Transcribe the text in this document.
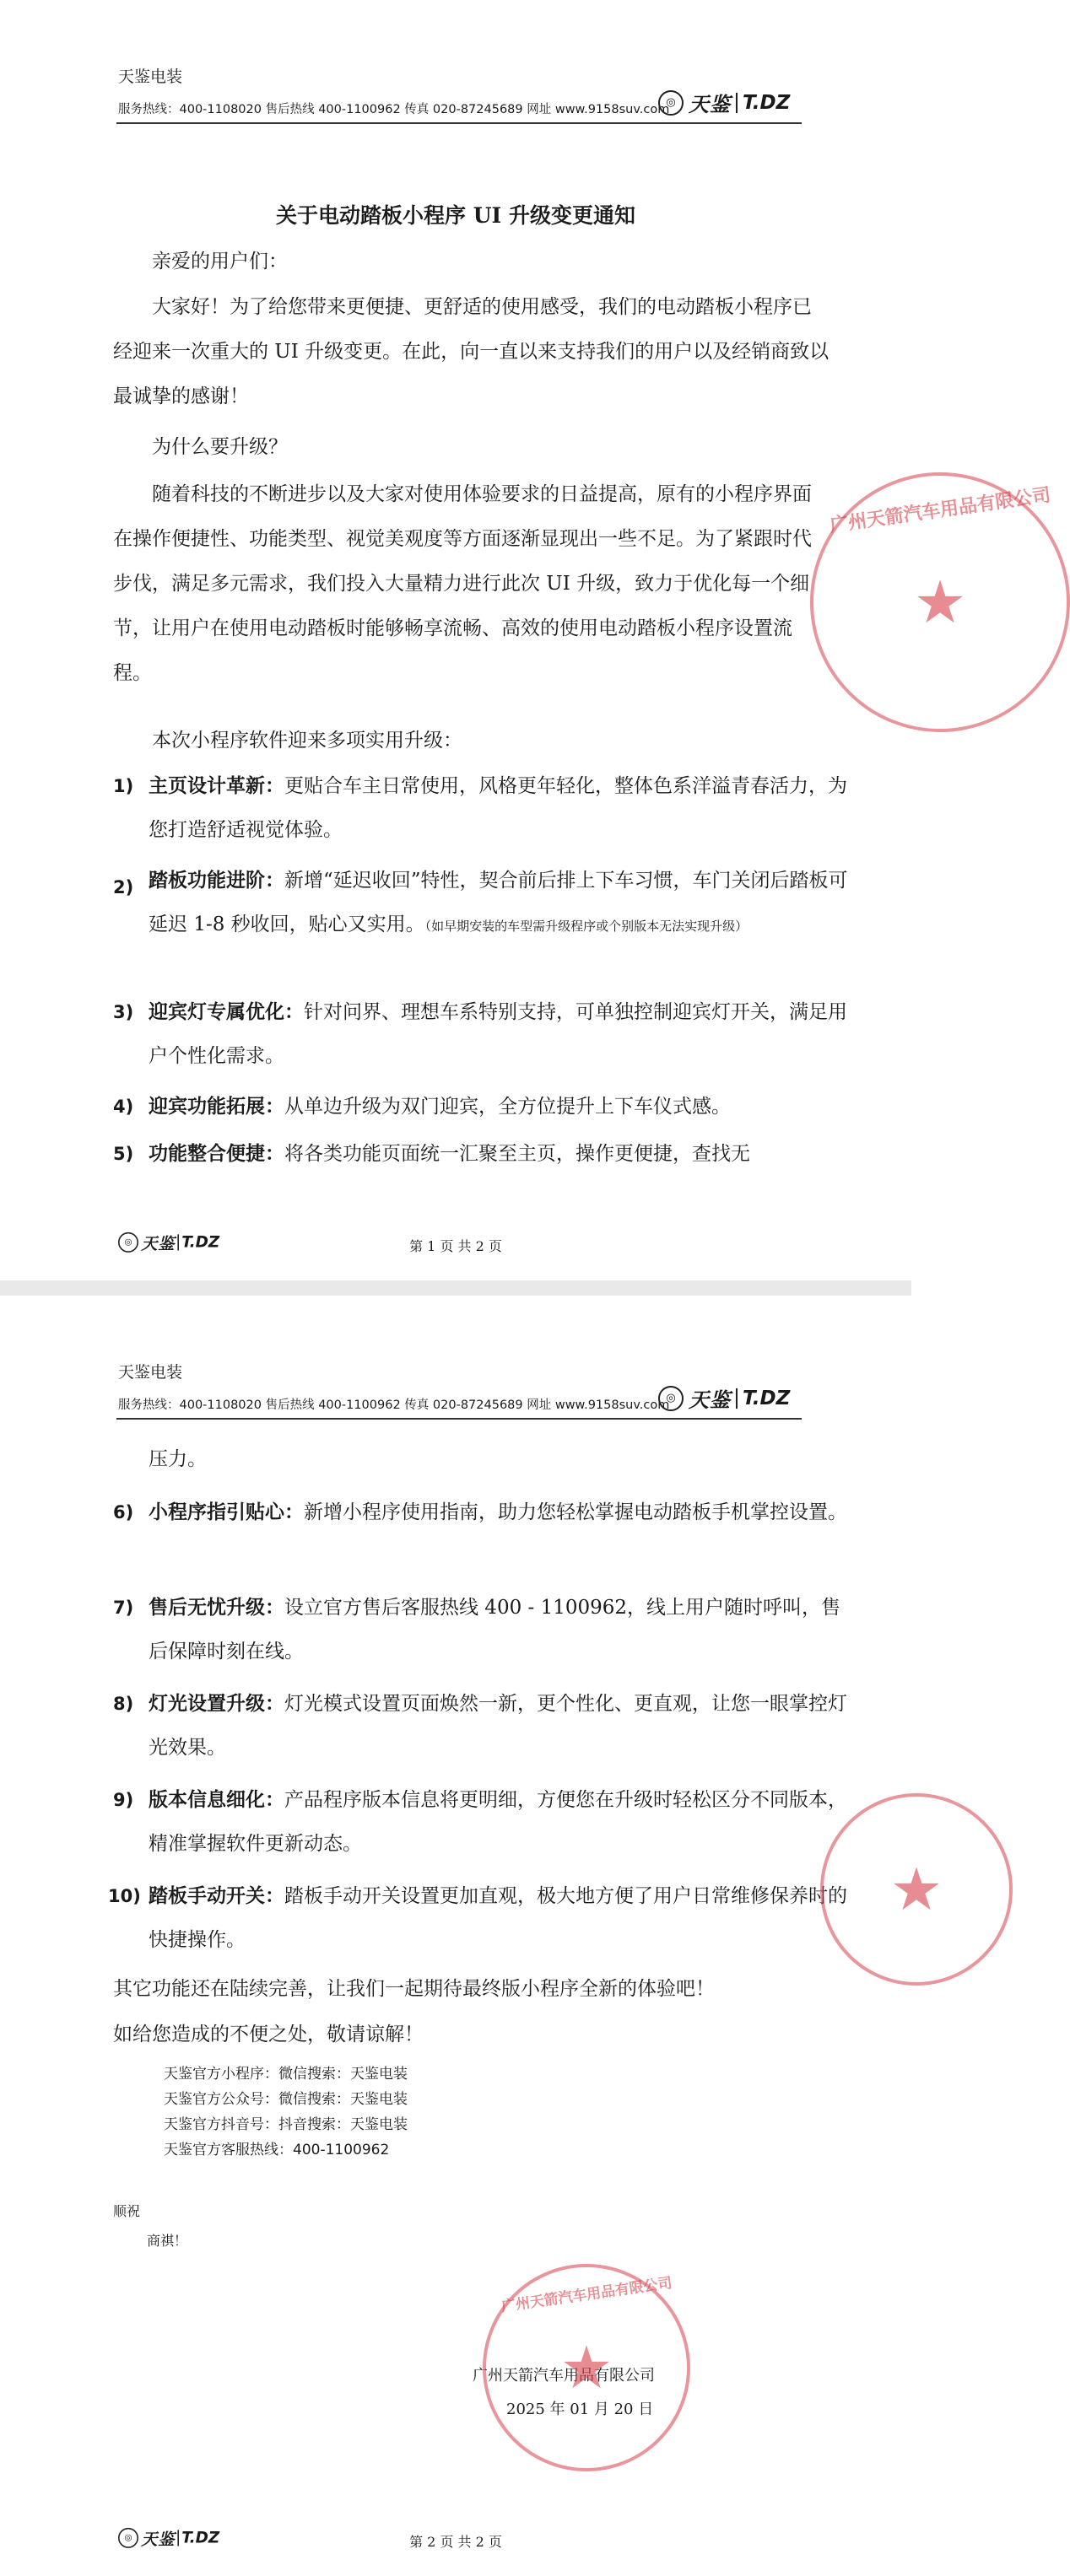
天鉴电装
服务热线：400-1108020 售后热线 400-1100962 传真 020-87245689 网址 www.9158suv.com
◎ 天鉴 T.DZ
关于电动踏板小程序 UI 升级变更通知
亲爱的用户们：
大家好！为了给您带来更便捷、更舒适的使用感受，我们的电动踏板小程序已经迎来一次重大的 UI 升级变更。在此，向一直以来支持我们的用户以及经销商致以最诚挚的感谢！
为什么要升级？
随着科技的不断进步以及大家对使用体验要求的日益提高，原有的小程序界面在操作便捷性、功能类型、视觉美观度等方面逐渐显现出一些不足。为了紧跟时代步伐，满足多元需求，我们投入大量精力进行此次 UI 升级，致力于优化每一个细节，让用户在使用电动踏板时能够畅享流畅、高效的使用电动踏板小程序设置流程。
本次小程序软件迎来多项实用升级：
1) 主页设计革新：更贴合车主日常使用，风格更年轻化，整体色系洋溢青春活力，为您打造舒适视觉体验。
2) 踏板功能进阶：新增“延迟收回”特性，契合前后排上下车习惯，车门关闭后踏板可延迟 1-8 秒收回，贴心又实用。（如早期安装的车型需升级程序或个别版本无法实现升级）
3) 迎宾灯专属优化：针对问界、理想车系特别支持，可单独控制迎宾灯开关，满足用户个性化需求。
4) 迎宾功能拓展：从单边升级为双门迎宾，全方位提升上下车仪式感。
5) 功能整合便捷：将各类功能页面统一汇聚至主页，操作更便捷，查找无
◎ 天鉴 T.DZ	第 1 页 共 2 页
★
广州天箭汽车用品有限公司
天鉴电装
服务热线：400-1108020 售后热线 400-1100962 传真 020-87245689 网址 www.9158suv.com
◎ 天鉴 T.DZ
压力。
6) 小程序指引贴心：新增小程序使用指南，助力您轻松掌握电动踏板手机掌控设置。
7) 售后无忧升级：设立官方售后客服热线 400 - 1100962，线上用户随时呼叫，售后保障时刻在线。
8) 灯光设置升级：灯光模式设置页面焕然一新，更个性化、更直观，让您一眼掌控灯光效果。
9) 版本信息细化：产品程序版本信息将更明细，方便您在升级时轻松区分不同版本，精准掌握软件更新动态。
10) 踏板手动开关：踏板手动开关设置更加直观，极大地方便了用户日常维修保养时的快捷操作。
其它功能还在陆续完善，让我们一起期待最终版小程序全新的体验吧！
如给您造成的不便之处，敬请谅解！
天鉴官方小程序：微信搜索：天鉴电装
天鉴官方公众号：微信搜索：天鉴电装
天鉴官方抖音号：抖音搜索：天鉴电装
天鉴官方客服热线：400-1100962
顺祝
商祺！
广州天箭汽车用品有限公司
2025 年 01 月 20 日
★
广州天箭汽车用品有限公司
★
◎ 天鉴 T.DZ	第 2 页 共 2 页
